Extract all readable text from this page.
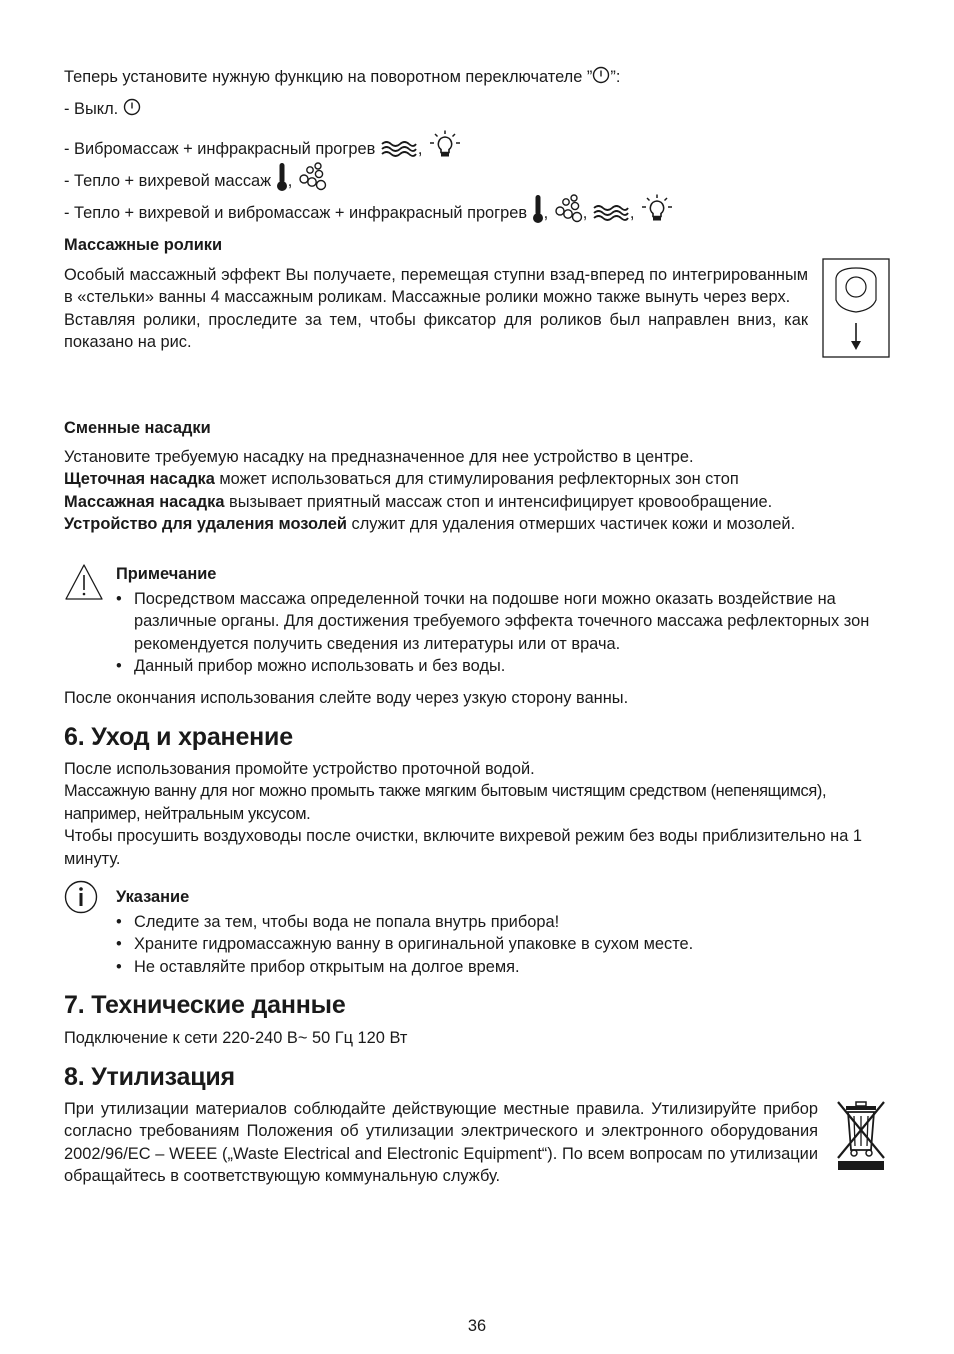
Теперь установите нужную функцию на поворотном переключателе ” ”:
- Выкл.
- Вибромассаж + инфракрасный прогрев	,
- Тепло + вихревой массаж ,
- Тепло + вихревой и вибромассаж + инфракрасный прогрев , ,	,
Массажные ролики

Особый массажный эффект Вы получаете, перемещая ступни взад-вперед по интегрированным в «стельки» ванны 4 массажным роликам. Массажные ролики можно также вынуть через верх.

Вставляя ролики, проследите за тем, чтобы фиксатор для роликов был направлен вниз, как показано на рис.

Сменные насадки

Установите требуемую насадку на предназначенное для нее устройство в центре.

Щеточная насадка может использоваться для стимулирования рефлекторных зон стоп

Массажная насадка вызывает приятный массаж стоп и интенсифицирует кровообращение.

Устройство для удаления мозолей служит для удаления отмерших частичек кожи и мозолей.

Примечание
• Посредством массажа определенной точки на подошве ноги можно оказать воздействие на различные органы. Для достижения требуемого эффекта точечного массажа рефлекторных зон рекомендуется получить сведения из литературы или от врача.
• Данный прибор можно использовать и без воды.
После окончания использования слейте воду через узкую сторону ванны.
6. Уход и хранение

После использования промойте устройство проточной водой.

Массажную ванну для ног можно промыть также мягким бытовым чистящим средством (непенящимся), например, нейтральным уксусом.

Чтобы просушить воздуховоды после очистки, включите вихревой режим без воды приблизительно на 1 минуту.

Указание
• Следите за тем, чтобы вода не попала внутрь прибора!
• Храните гидромассажную ванну в оригинальной упаковке в сухом месте.
• Не оставляйте прибор открытым на долгое время.
7. Технические данные
Подключение к сети 220-240 В~ 50 Гц 120 Вт
8. Утилизация
При утилизации материалов соблюдайте действующие местные правила. Утилизируйте прибор согласно требованиям Положения об утилизации электрического и электронного оборудования 2002/96/EC – WEEE („Waste Electrical and Electronic Equipment“). По всем вопросам по утилизации обращайтесь в соответствующую коммунальную службу.
36
